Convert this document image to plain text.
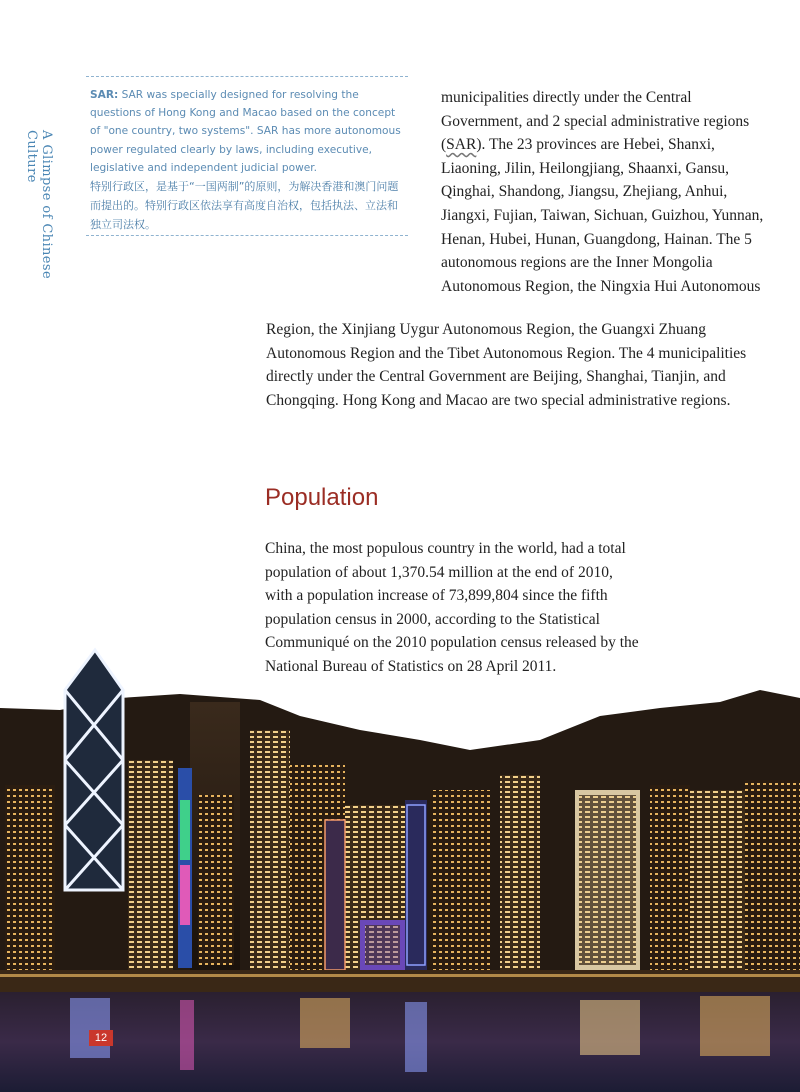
A Glimpse of Chinese Culture
SAR: SAR was specially designed for resolving the questions of Hong Kong and Macao based on the concept of "one country, two systems". SAR has more autonomous power regulated clearly by laws, including executive, legislative and independent judicial power.
特别行政区，是基于“一国两制”的原则，为解决香港和澳门问题而提出的。特别行政区依法享有高度自治权，包括执法、立法和独立司法权。

municipalities directly under the Central Government, and 2 special administrative regions (SAR). The 23 provinces are Hebei, Shanxi, Liaoning, Jilin, Heilongjiang, Shaanxi, Gansu, Qinghai, Shandong, Jiangsu, Zhejiang, Anhui, Jiangxi, Fujian, Taiwan, Sichuan, Guizhou, Yunnan, Henan, Hubei, Hunan, Guangdong, Hainan. The 5 autonomous regions are the Inner Mongolia Autonomous Region, the Ningxia Hui Autonomous

Region, the Xinjiang Uygur Autonomous Region, the Guangxi Zhuang Autonomous Region and the Tibet Autonomous Region. The 4 municipalities directly under the Central Government are Beijing, Shanghai, Tianjin, and Chongqing. Hong Kong and Macao are two special administrative regions.

Population

China, the most populous country in the world, had a total population of about 1,370.54 million at the end of 2010, with a population increase of 73,899,804 since the fifth population census in 2000, according to the Statistical Communiqué on the 2010 population census released by the National Bureau of Statistics on 28 April 2011.

12
